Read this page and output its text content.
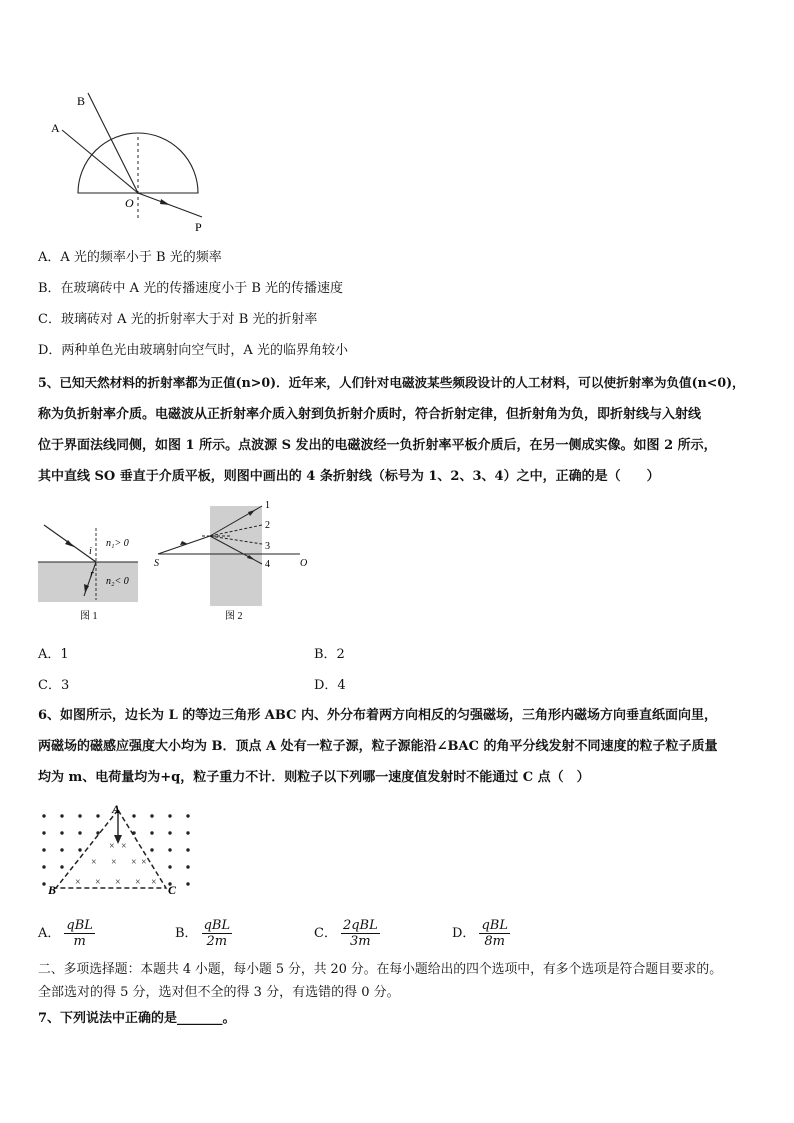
A
B
O
P
A．A 光的频率小于 B 光的频率
B．在玻璃砖中 A 光的传播速度小于 B 光的传播速度
C．玻璃砖对 A 光的折射率大于对 B 光的折射率
D．两种单色光由玻璃射向空气时，A 光的临界角较小
5、已知天然材料的折射率都为正值(n>0)．近年来，人们针对电磁波某些频段设计的人工材料，可以使折射率为负值(n<0)，
称为负折射率介质。电磁波从正折射率介质入射到负折射介质时，符合折射定律，但折射角为负，即折射线与入射线
位于界面法线同侧，如图 1 所示。点波源 S 发出的电磁波经一负折射率平板介质后，在另一侧成实像。如图 2 所示，
其中直线 SO 垂直于介质平板，则图中画出的 4 条折射线（标号为 1、2、3、4）之中，正确的是（　　）
i
r
n₁> 0
n₂< 0
图 1
1
2
3
4
S	O
图 2
A．1	B．2
C．3	D．4
6、如图所示，边长为 L 的等边三角形 ABC 内、外分布着两方向相反的匀强磁场，三角形内磁场方向垂直纸面向里，
两磁场的磁感应强度大小均为 B．顶点 A 处有一粒子源，粒子源能沿∠BAC 的角平分线发射不同速度的粒子粒子质量
均为 m、电荷量均为+q，粒子重力不计．则粒子以下列哪一速度值发射时不能通过 C 点（　）
× ×
× × × ×
× × × × ×
A
B	C
A． $\frac{\text{qBL}}{m}$	B． $\frac{\text{qBL}}{2m}$	C． $\frac{\text{2qBL}}{3m}$	D． $\frac{\text{qBL}}{8m}$
二、多项选择题：本题共 4 小题，每小题 5 分，共 20 分。在每小题给出的四个选项中，有多个选项是符合题目要求的。
全部选对的得 5 分，选对但不全的得 3 分，有选错的得 0 分。
7、下列说法中正确的是_______。
